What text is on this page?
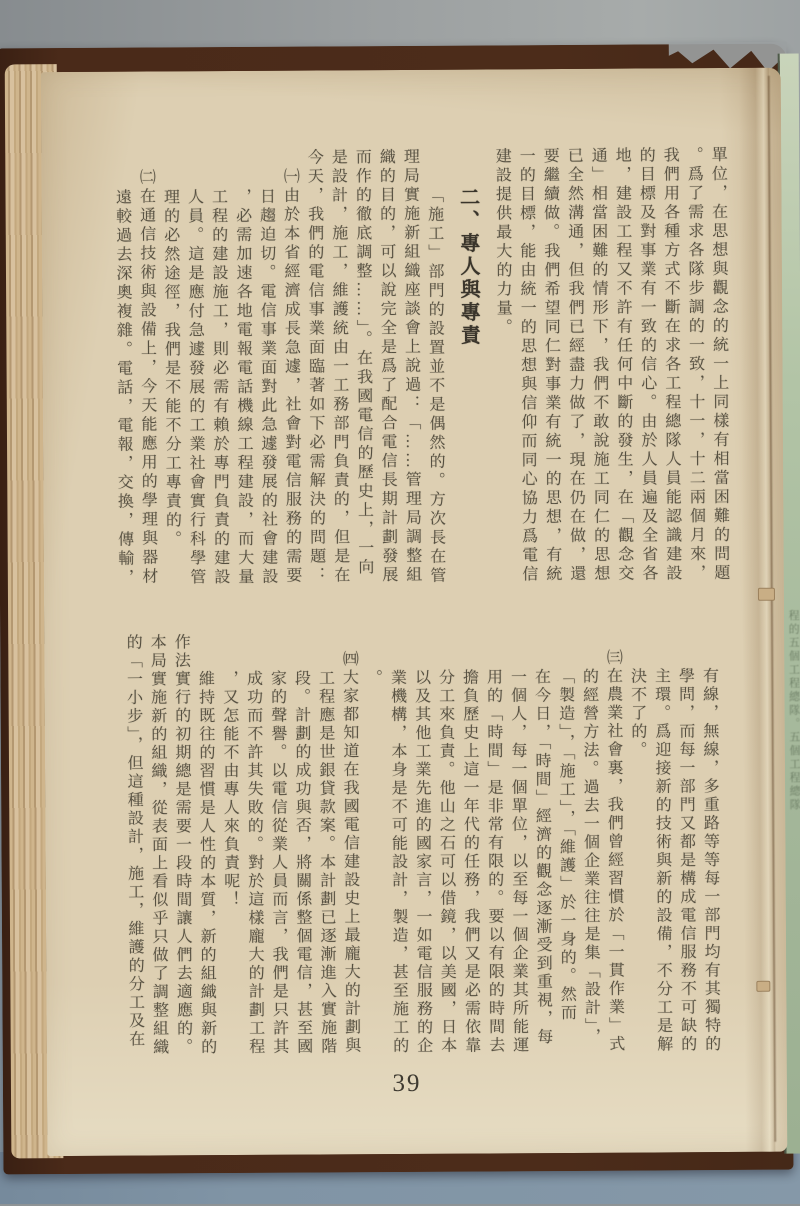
程的五個工程總隊。五個工程總隊
單位，在思想與觀念的統一上同樣有相當困難的問題
。爲了需求各隊步調的一致，十一，十二兩個月來，
我們用各種方式不斷在求各工程總隊人員能認識建設
的目標及對事業有一致的信心。由於人員遍及全省各
地，建設工程又不許有任何中斷的發生，在「觀念交
通」相當困難的情形下，我們不敢說施工同仁的思想
已全然溝通，但我們已經盡力做了，現在仍在做，還
要繼續做。我們希望同仁對事業有統一的思想，有統
一的目標，能由統一的思想與信仰而同心協力爲電信
建設提供最大的力量。
二、專人與專責
「施工」部門的設置並不是偶然的。方次長在管
理局實施新組織座談會上說過：「……管理局調整組
織的目的，可以說完全是爲了配合電信長期計劃發展
而作的徹底調整……」。在我國電信的歷史上，一向
是設計，施工，維護統由一工務部門負責的，但是在
今天，我們的電信事業面臨著如下必需解決的問題：
㈠由於本省經濟成長急遽，社會對電信服務的需要
日趨迫切。電信事業面對此急遽發展的社會建設
，必需加速各地電報電話機線工程建設，而大量
工程的建設施工，則必需有賴於專門負責的建設
人員。這是應付急遽發展的工業社會實行科學管
理的必然途徑，我們是不能不分工專責的。
㈡在通信技術與設備上，今天能應用的學理與器材
遠較過去深奧複雜。電話，電報，交換，傳輸，
有線，無線，多重路等等每一部門均有其獨特的
學問，而每一部門又都是構成電信服務不可缺的
主環。爲迎接新的技術與新的設備，不分工是解
決不了的。
㈢在農業社會裏，我們曾經習慣於「一貫作業」式
的經營方法。過去一個企業往往是集「設計」，
「製造」，「施工」，「維護」於一身的。然而
在今日，「時間」經濟的觀念逐漸受到重視，每
一個人，每一個單位，以至每一個企業其所能運
用的「時間」是非常有限的。要以有限的時間去
擔負歷史上這一年代的任務，我們又是必需依靠
分工來負責。他山之石可以借鏡，以美國，日本
以及其他工業先進的國家言，一如電信服務的企
業機構，本身是不可能設計，製造，甚至施工的
。
㈣大家都知道在我國電信建設史上最龐大的計劃與
工程應是世銀貸款案。本計劃已逐漸進入實施階
段。計劃的成功與否，將關係整個電信，甚至國
家的聲譽。以電信從業人員而言，我們是只許其
成功而不許其失敗的。對於這樣龐大的計劃工程
，又怎能不由專人來負責呢！
維持既往的習慣是人性的本質，新的組織與新的
作法實行的初期總是需要一段時間讓人們去適應的。
本局實施新的組織，從表面上看似乎只做了調整組織
的「一小步」，但這種設計，施工，維護的分工及在
39
